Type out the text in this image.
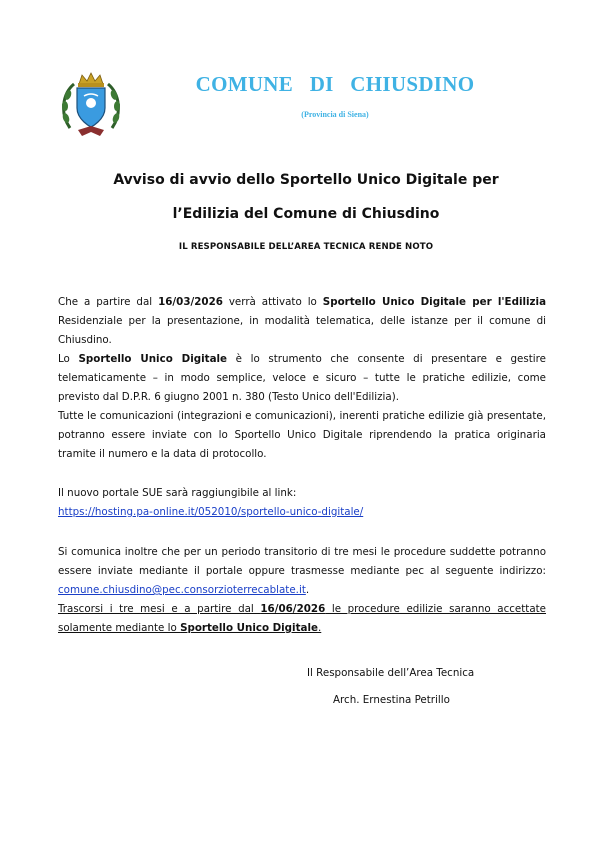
COMUNE   DI   CHIUSDINO
(Provincia di Siena)
Avviso di avvio dello Sportello Unico Digitale per
l’Edilizia del Comune di Chiusdino
IL RESPONSABILE DELL’AREA TECNICA RENDE NOTO
Che a partire dal 16/03/2026 verrà attivato lo Sportello Unico Digitale per l'Edilizia Residenziale per la presentazione, in modalità telematica, delle istanze per il comune di Chiusdino.
Lo Sportello Unico Digitale è lo strumento che consente di presentare e gestire telematicamente – in modo semplice, veloce e sicuro – tutte le pratiche edilizie, come previsto dal D.P.R. 6 giugno 2001 n. 380 (Testo Unico dell'Edilizia).
Tutte le comunicazioni (integrazioni e comunicazioni), inerenti pratiche edilizie già presentate, potranno essere inviate con lo Sportello Unico Digitale riprendendo la pratica originaria tramite il numero e la data di protocollo.
Il nuovo portale SUE sarà raggiungibile al link:
https://hosting.pa-online.it/052010/sportello-unico-digitale/
Si comunica inoltre che per un periodo transitorio di tre mesi le procedure suddette potranno essere inviate mediante il portale oppure trasmesse mediante pec al seguente indirizzo: comune.chiusdino@pec.consorzioterrecablate.it.
Trascorsi i tre mesi e a partire dal 16/06/2026 le procedure edilizie saranno accettate solamente mediante lo Sportello Unico Digitale.
Il Responsabile dell’Area Tecnica
Arch. Ernestina Petrillo
